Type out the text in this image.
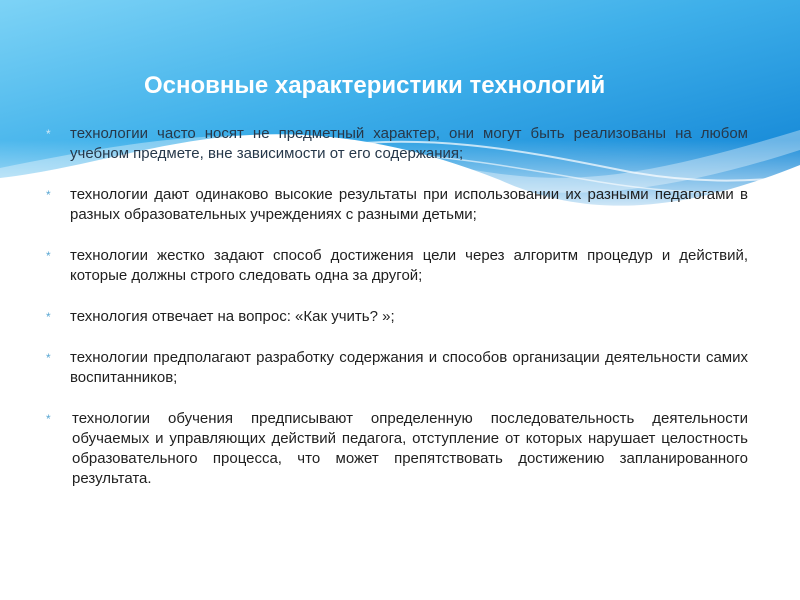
Основные характеристики технологий
* технологии часто носят не предметный характер, они могут быть реализованы на любом учебном предмете, вне зависимости от его содержания;
* технологии дают одинаково высокие результаты при использовании их разными педагогами в разных образовательных учреждениях с разными детьми;
* технологии жестко задают способ достижения цели через алгоритм процедур и действий, которые должны строго следовать одна за другой;
* технология отвечает на вопрос: «Как учить? »;
* технологии предполагают разработку содержания и способов организации деятельности самих воспитанников;
* технологии обучения предписывают определенную последовательность деятельности обучаемых и управляющих действий педагога, отступление от которых нарушает целостность образовательного процесса, что может препятствовать достижению запланированного результата.
